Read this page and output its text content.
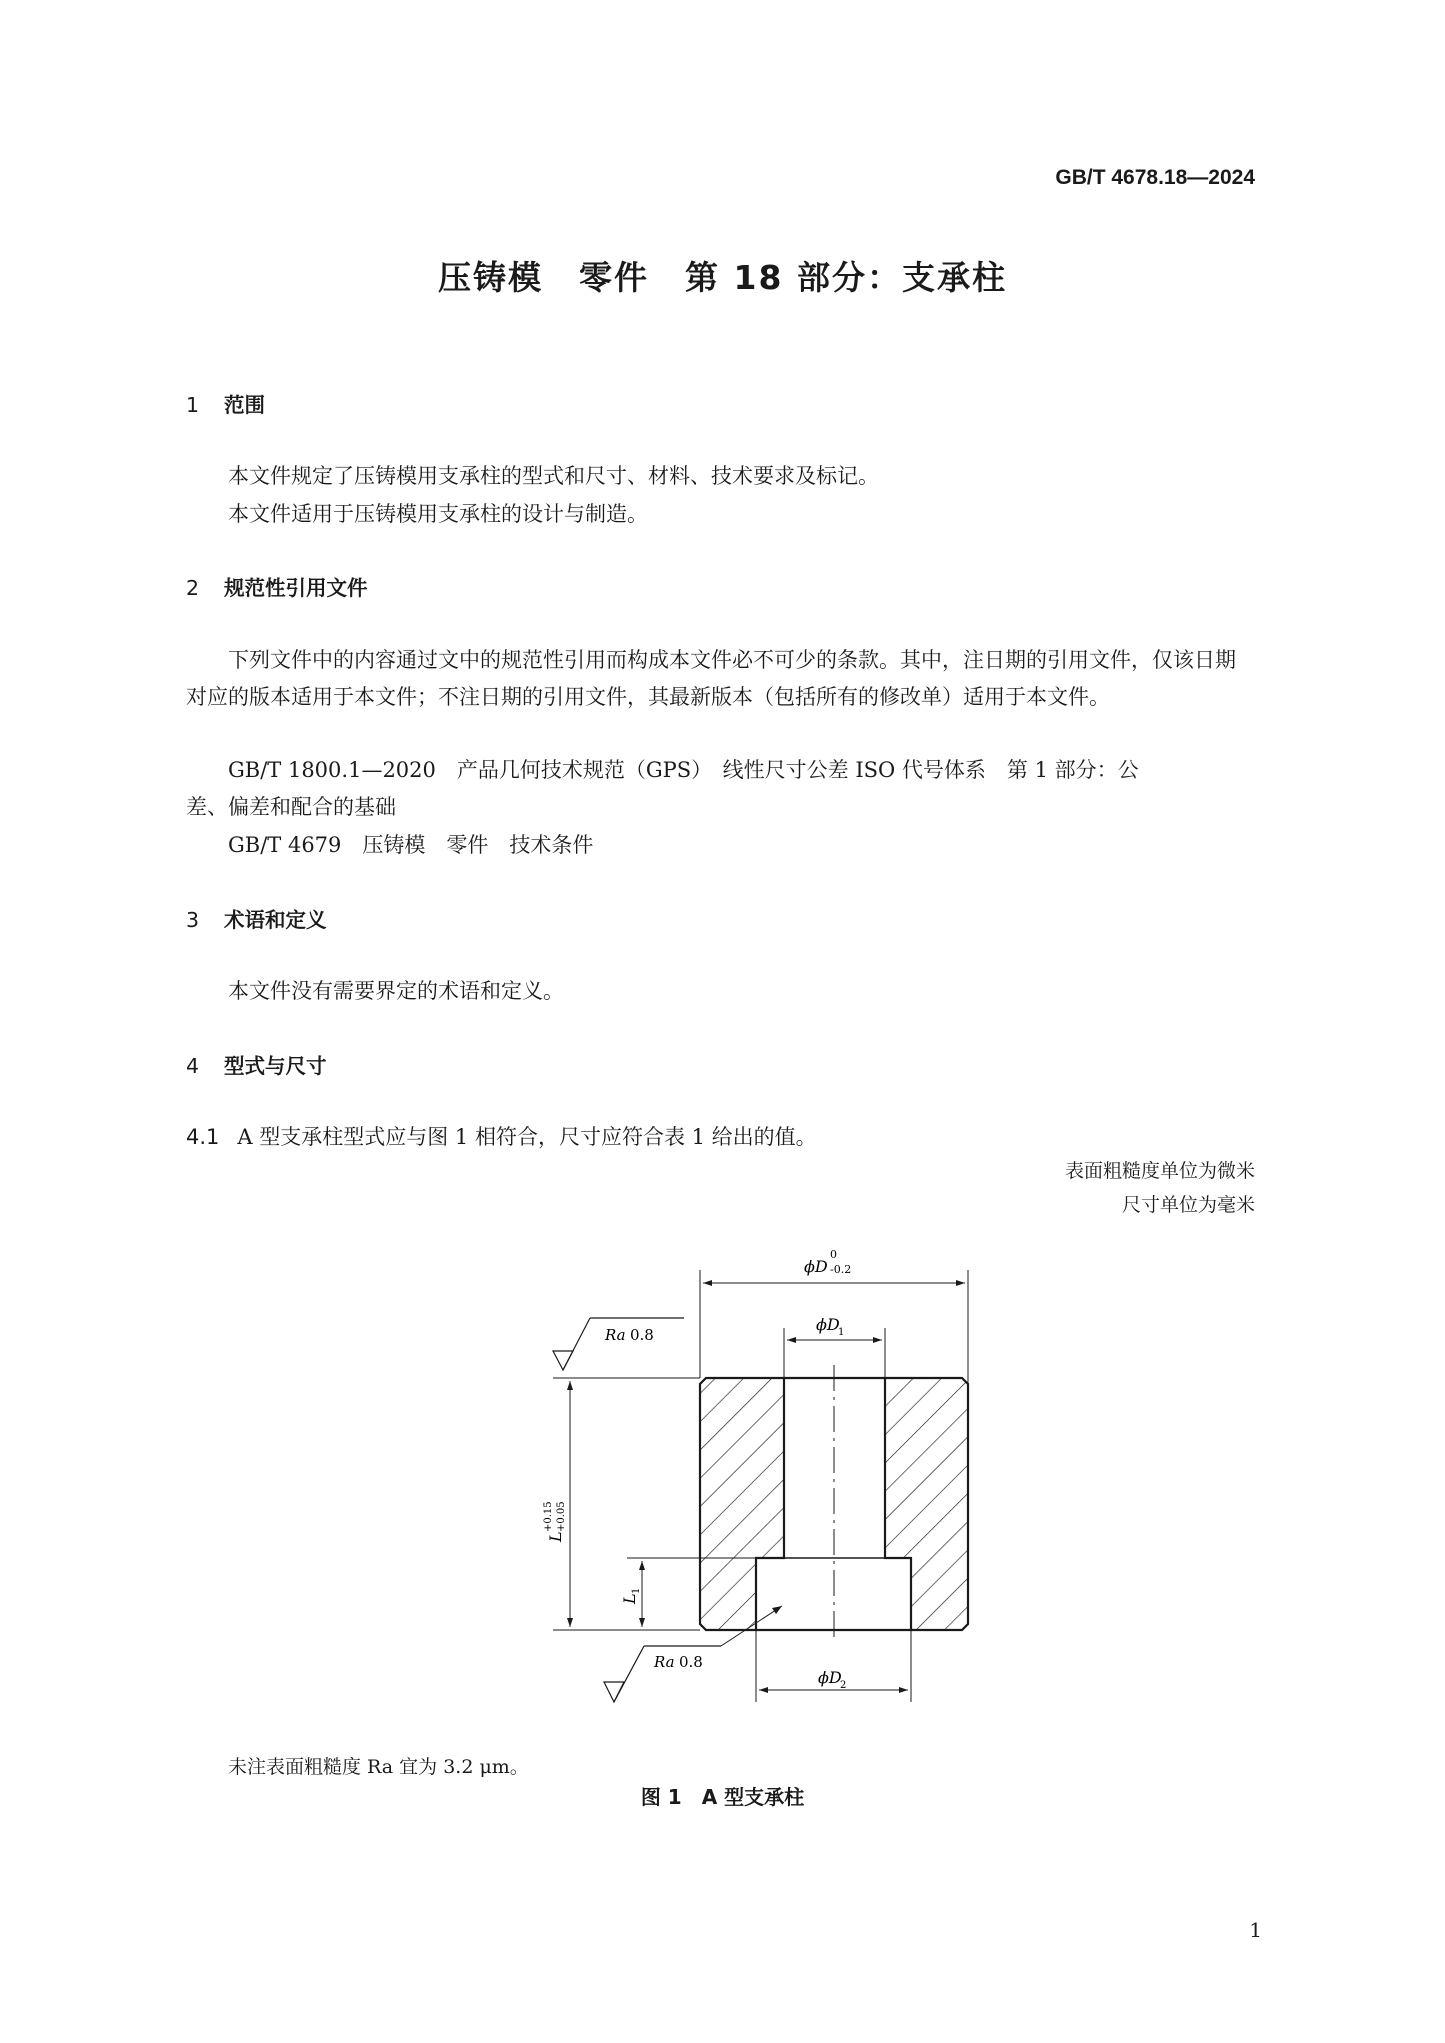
GB/T 4678.18—2024
压铸模 零件 第 18 部分：支承柱
1 范围
本文件规定了压铸模用支承柱的型式和尺寸、材料、技术要求及标记。
本文件适用于压铸模用支承柱的设计与制造。
2 规范性引用文件
下列文件中的内容通过文中的规范性引用而构成本文件必不可少的条款。其中，注日期的引用文件，仅该日期对应的版本适用于本文件；不注日期的引用文件，其最新版本（包括所有的修改单）适用于本文件。
GB/T 1800.1—2020　产品几何技术规范（GPS）　线性尺寸公差 ISO 代号体系　第 1 部分：公
差、偏差和配合的基础
GB/T 4679　压铸模　零件　技术条件
3 术语和定义
本文件没有需要界定的术语和定义。
4 型式与尺寸
4.1 A 型支承柱型式应与图 1 相符合，尺寸应符合表 1 给出的值。
表面粗糙度单位为微米
尺寸单位为毫米
ϕD
0
-0.2
ϕD
1
ϕD
2
L
+0.15 +0.05
L
1
Ra 0.8
Ra 0.8
未注表面粗糙度 Ra 宜为 3.2 μm。
图 1　A 型支承柱
1
